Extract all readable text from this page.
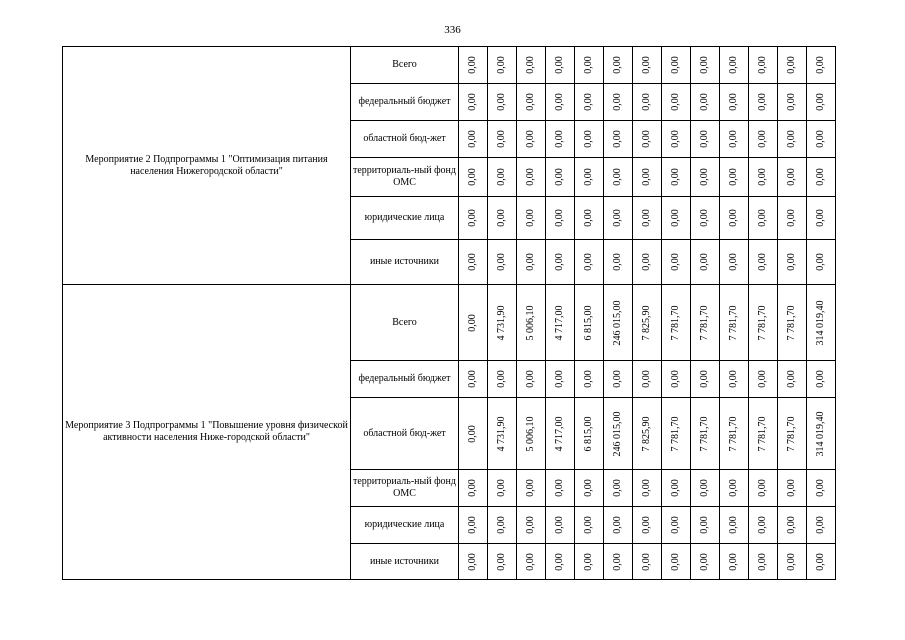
336
Мероприятие 2 Подпрограммы 1 "Оптимизация питания населения Нижегородской области"	Всего	0,00	0,00	0,00	0,00	0,00	0,00	0,00	0,00	0,00	0,00	0,00	0,00	0,00

	федеральный бюджет	0,00	0,00	0,00	0,00	0,00	0,00	0,00	0,00	0,00	0,00	0,00	0,00	0,00

	областной бюд-жет	0,00	0,00	0,00	0,00	0,00	0,00	0,00	0,00	0,00	0,00	0,00	0,00	0,00

	территориаль-ный фонд ОМС	0,00	0,00	0,00	0,00	0,00	0,00	0,00	0,00	0,00	0,00	0,00	0,00	0,00

	юридические лица	0,00	0,00	0,00	0,00	0,00	0,00	0,00	0,00	0,00	0,00	0,00	0,00	0,00

	иные источники	0,00	0,00	0,00	0,00	0,00	0,00	0,00	0,00	0,00	0,00	0,00	0,00	0,00

Мероприятие 3 Подпрограммы 1 "Повышение уровня физической активности населения Ниже-городской области"	Всего	0,00	4 731,90	5 006,10	4 717,00	6 815,00	246 015,00	7 825,90	7 781,70	7 781,70	7 781,70	7 781,70	7 781,70	314 019,40

	федеральный бюджет	0,00	0,00	0,00	0,00	0,00	0,00	0,00	0,00	0,00	0,00	0,00	0,00	0,00

	областной бюд-жет	0,00	4 731,90	5 006,10	4 717,00	6 815,00	246 015,00	7 825,90	7 781,70	7 781,70	7 781,70	7 781,70	7 781,70	314 019,40

	территориаль-ный фонд ОМС	0,00	0,00	0,00	0,00	0,00	0,00	0,00	0,00	0,00	0,00	0,00	0,00	0,00

	юридические лица	0,00	0,00	0,00	0,00	0,00	0,00	0,00	0,00	0,00	0,00	0,00	0,00	0,00

	иные источники	0,00	0,00	0,00	0,00	0,00	0,00	0,00	0,00	0,00	0,00	0,00	0,00	0,00
